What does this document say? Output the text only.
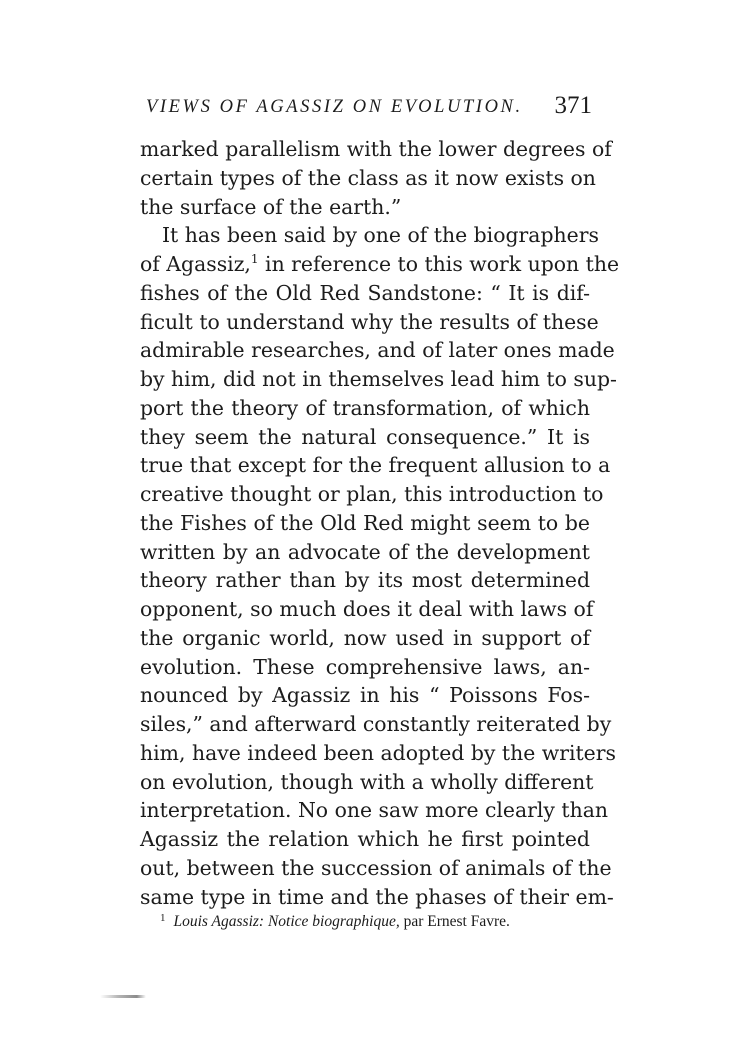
VIEWS OF AGASSIZ ON EVOLUTION. 371
marked parallelism with the lower degrees of
certain types of the class as it now exists on
the surface of the earth.”
It has been said by one of the biographers
of Agassiz,$^1$ in reference to this work upon the
fishes of the Old Red Sandstone: “ It is dif-
ficult to understand why the results of these
admirable researches, and of later ones made
by him, did not in themselves lead him to sup-
port the theory of transformation, of which
they seem the natural consequence.” It is
true that except for the frequent allusion to a
creative thought or plan, this introduction to
the Fishes of the Old Red might seem to be
written by an advocate of the development
theory rather than by its most determined
opponent, so much does it deal with laws of
the organic world, now used in support of
evolution. These comprehensive laws, an-
nounced by Agassiz in his “ Poissons Fos-
siles,” and afterward constantly reiterated by
him, have indeed been adopted by the writers
on evolution, though with a wholly different
interpretation. No one saw more clearly than
Agassiz the relation which he first pointed
out, between the succession of animals of the
same type in time and the phases of their em-
$^1$ Louis Agassiz: Notice biographique, par Ernest Favre.
